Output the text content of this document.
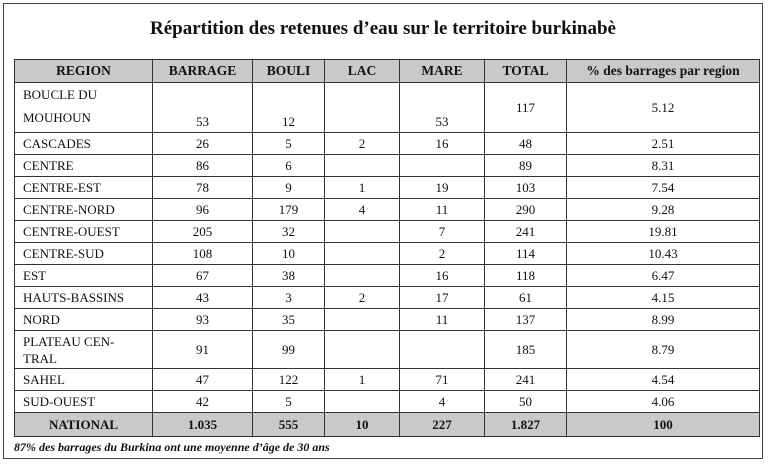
Répartition des retenues d’eau sur le territoire burkinabè
REGION	BARRAGE	BOULI	LAC	MARE	TOTAL	% des barrages par region

BOUCLE DU
MOUHOUN	53	12		53	117	5.12

CASCADES	26	5	2	16	48	2.51

CENTRE	86	6			89	8.31

CENTRE-EST	78	9	1	19	103	7.54

CENTRE-NORD	96	179	4	11	290	9.28

CENTRE-OUEST	205	32		7	241	19.81

CENTRE-SUD	108	10		2	114	10.43

EST	67	38		16	118	6.47

HAUTS-BASSINS	43	3	2	17	61	4.15

NORD	93	35		11	137	8.99

PLATEAU CEN-
TRAL	91	99			185	8.79

SAHEL	47	122	1	71	241	4.54

SUD-OUEST	42	5		4	50	4.06
NATIONAL	1.035	555	10	227	1.827	100
87% des barrages du Burkina ont une moyenne d’âge de 30 ans
